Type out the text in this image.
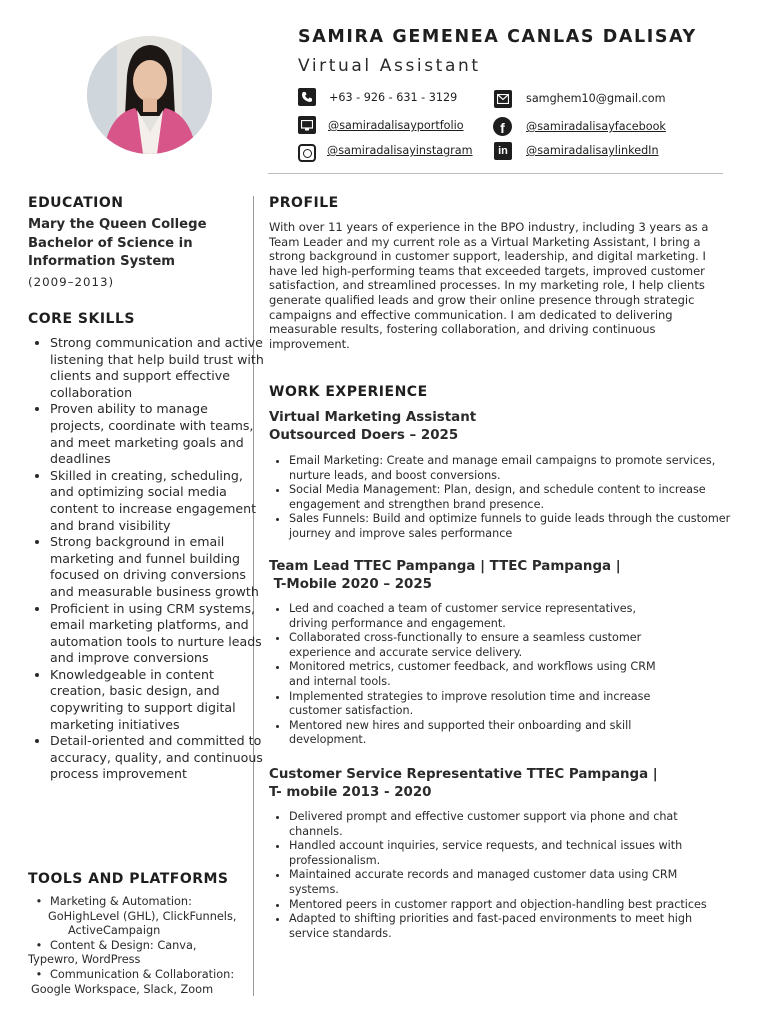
SAMIRA GEMENEA CANLAS DALISAY
Virtual Assistant
+63 - 926 - 631 - 3129	samghem10@gmail.com
@samiradalisayportfolio	f @samiradalisayfacebook
@samiradalisayinstagram in @samiradalisaylinkedIn
EDUCATION
Mary the Queen College
Bachelor of Science in Information System
(2009–2013)
CORE SKILLS
• Strong communication and active listening that help build trust with clients and support effective collaboration
• Proven ability to manage projects, coordinate with teams, and meet marketing goals and deadlines
• Skilled in creating, scheduling, and optimizing social media content to increase engagement and brand visibility
• Strong background in email marketing and funnel building focused on driving conversions and measurable business growth
• Proficient in using CRM systems, email marketing platforms, and automation tools to nurture leads and improve conversions
• Knowledgeable in content creation, basic design, and copywriting to support digital marketing initiatives
• Detail-oriented and committed to accuracy, quality, and continuous process improvement
TOOLS AND PLATFORMS
• Marketing & Automation:
GoHighLevel (GHL), ClickFunnels, ActiveCampaign
• Content & Design: Canva, Typewro, WordPress
• Communication & Collaboration:
Google Workspace, Slack, Zoom
PROFILE
With over 11 years of experience in the BPO industry, including 3 years as a Team Leader and my current role as a Virtual Marketing Assistant, I bring a strong background in customer support, leadership, and digital marketing. I have led high-performing teams that exceeded targets, improved customer satisfaction, and streamlined processes. In my marketing role, I help clients generate qualified leads and grow their online presence through strategic campaigns and effective communication. I am dedicated to delivering measurable results, fostering collaboration, and driving continuous improvement.
WORK EXPERIENCE
Virtual Marketing Assistant
Outsourced Doers – 2025
• Email Marketing: Create and manage email campaigns to promote services, nurture leads, and boost conversions.
• Social Media Management: Plan, design, and schedule content to increase engagement and strengthen brand presence.
• Sales Funnels: Build and optimize funnels to guide leads through the customer journey and improve sales performance
Team Lead TTEC Pampanga | TTEC Pampanga |
T-Mobile 2020 – 2025
• Led and coached a team of customer service representatives, driving performance and engagement.
• Collaborated cross-functionally to ensure a seamless customer experience and accurate service delivery.
• Monitored metrics, customer feedback, and workflows using CRM and internal tools.
• Implemented strategies to improve resolution time and increase customer satisfaction.
• Mentored new hires and supported their onboarding and skill development.
Customer Service Representative TTEC Pampanga |
T- mobile 2013 - 2020
• Delivered prompt and effective customer support via phone and chat channels.
• Handled account inquiries, service requests, and technical issues with professionalism.
• Maintained accurate records and managed customer data using CRM systems.
• Mentored peers in customer rapport and objection-handling best practices
• Adapted to shifting priorities and fast-paced environments to meet high service standards.
